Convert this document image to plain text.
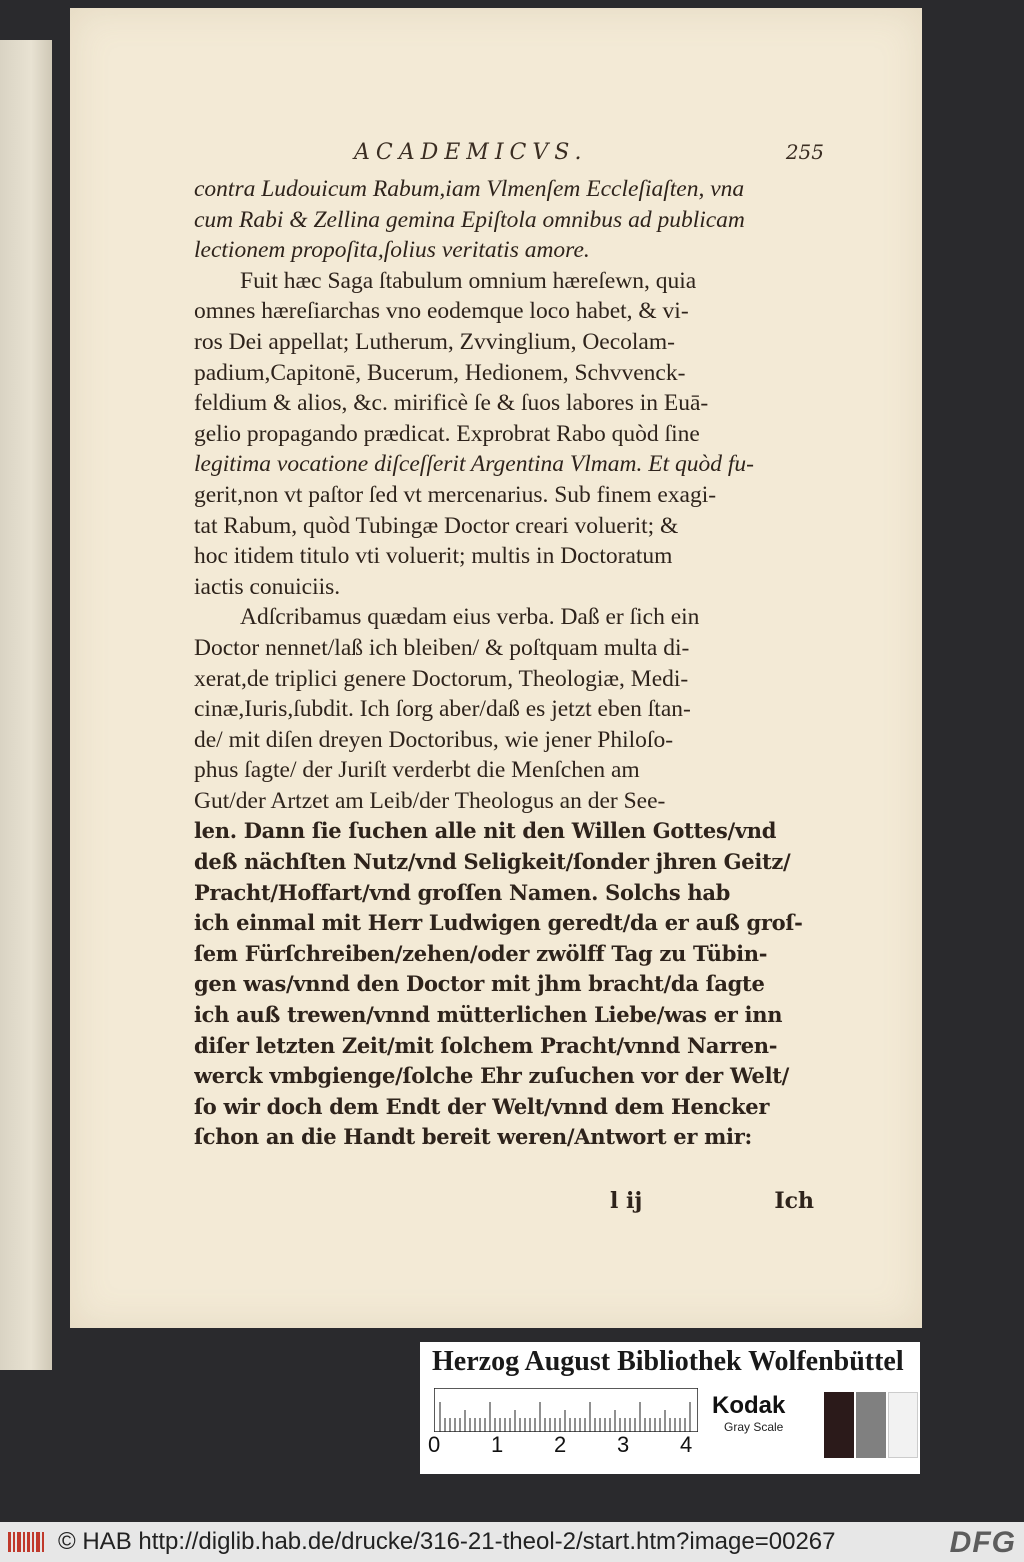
ACADEMICVS.	255
contra Ludouicum Rabum,iam Vlmenſem Eccleſiaſten, vna
cum Rabi & Zellina gemina Epiſtola omnibus ad publicam
lectionem propoſita,ſolius veritatis amore.
Fuit hæc Saga ſtabulum omnium hæreſewn, quia
omnes hæreſiarchas vno eodemque loco habet, & vi-
ros Dei appellat; Lutherum, Zvvinglium, Oecolam-
padium,Capitonē, Bucerum, Hedionem, Schvvenck-
feldium & alios, &c. mirificè ſe & ſuos labores in Euā-
gelio propagando prædicat. Exprobrat Rabo quòd ſine
legitima vocatione diſceſſerit Argentina Vlmam. Et quòd fu-
gerit,non vt paſtor ſed vt mercenarius. Sub finem exagi-
tat Rabum, quòd Tubingæ Doctor creari voluerit; &
hoc itidem titulo vti voluerit; multis in Doctoratum
iactis conuiciis.
Adſcribamus quædam eius verba. Daß er ſich ein
Doctor nennet/laß ich bleiben/ & poſtquam multa di-
xerat,de triplici genere Doctorum, Theologiæ, Medi-
cinæ,Iuris,ſubdit. Ich ſorg aber/daß es jetzt eben ſtan-
de/ mit diſen dreyen Doctoribus, wie jener Philoſo-
phus ſagte/ der Juriſt verderbt die Menſchen am
Gut/der Artzet am Leib/der Theologus an der See-
len. Dann ſie ſuchen alle nit den Willen Gottes/vnd
deß nächſten Nutz/vnd Seligkeit/ſonder jhren Geitz/
Pracht/Hoffart/vnd groſſen Namen. Solchs hab
ich einmal mit Herr Ludwigen geredt/da er auß groſ-
ſem Fürſchreiben/zehen/oder zwölff Tag zu Tübin-
gen was/vnnd den Doctor mit jhm bracht/da ſagte
ich auß trewen/vnnd mütterlichen Liebe/was er inn
diſer letzten Zeit/mit ſolchem Pracht/vnnd Narren-
werck vmbgienge/ſolche Ehr zuſuchen vor der Welt/
ſo wir doch dem Endt der Welt/vnnd dem Hencker
ſchon an die Handt bereit weren/Antwort er mir:
l ij	Ich
Herzog August Bibliothek Wolfenbüttel
0 1 2 3 4
Kodak
Gray Scale
© HAB http://diglib.hab.de/drucke/316-21-theol-2/start.htm?image=00267	DFG
